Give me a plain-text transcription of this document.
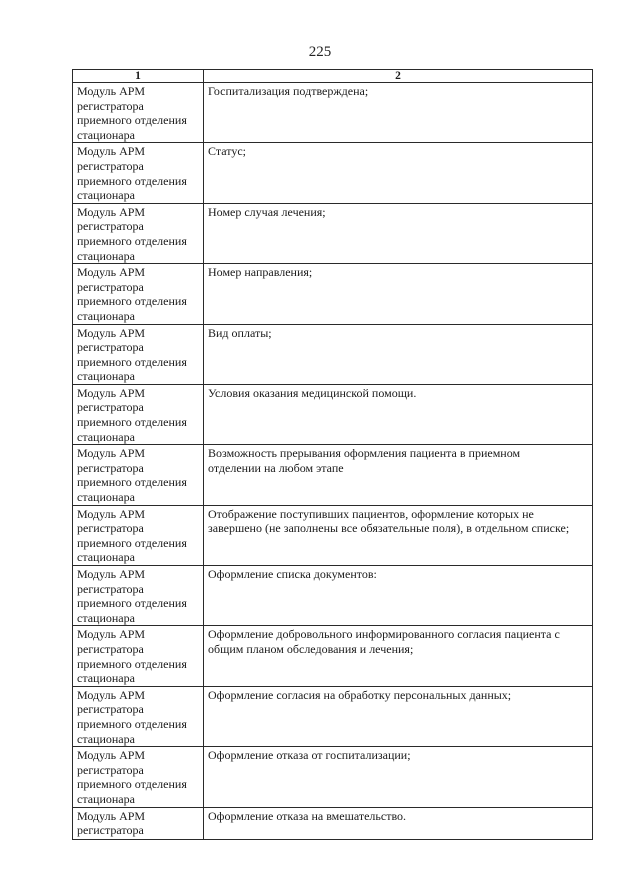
225
1	2

Модуль АРМ
регистратора
приемного отделения
стационара	Госпитализация подтверждена;

Модуль АРМ
регистратора
приемного отделения
стационара	Статус;

Модуль АРМ
регистратора
приемного отделения
стационара	Номер случая лечения;

Модуль АРМ
регистратора
приемного отделения
стационара	Номер направления;

Модуль АРМ
регистратора
приемного отделения
стационара	Вид оплаты;

Модуль АРМ
регистратора
приемного отделения
стационара	Условия оказания медицинской помощи.

Модуль АРМ
регистратора
приемного отделения
стационара	Возможность прерывания оформления пациента в приемном
отделении на любом этапе

Модуль АРМ
регистратора
приемного отделения
стационара	Отображение поступивших пациентов, оформление которых не
завершено (не заполнены все обязательные поля), в отдельном списке;

Модуль АРМ
регистратора
приемного отделения
стационара	Оформление списка документов:

Модуль АРМ
регистратора
приемного отделения
стационара	Оформление добровольного информированного согласия пациента с
общим планом обследования и лечения;

Модуль АРМ
регистратора
приемного отделения
стационара	Оформление согласия на обработку персональных данных;

Модуль АРМ
регистратора
приемного отделения
стационара	Оформление отказа от госпитализации;

Модуль АРМ
регистратора	Оформление отказа на вмешательство.
